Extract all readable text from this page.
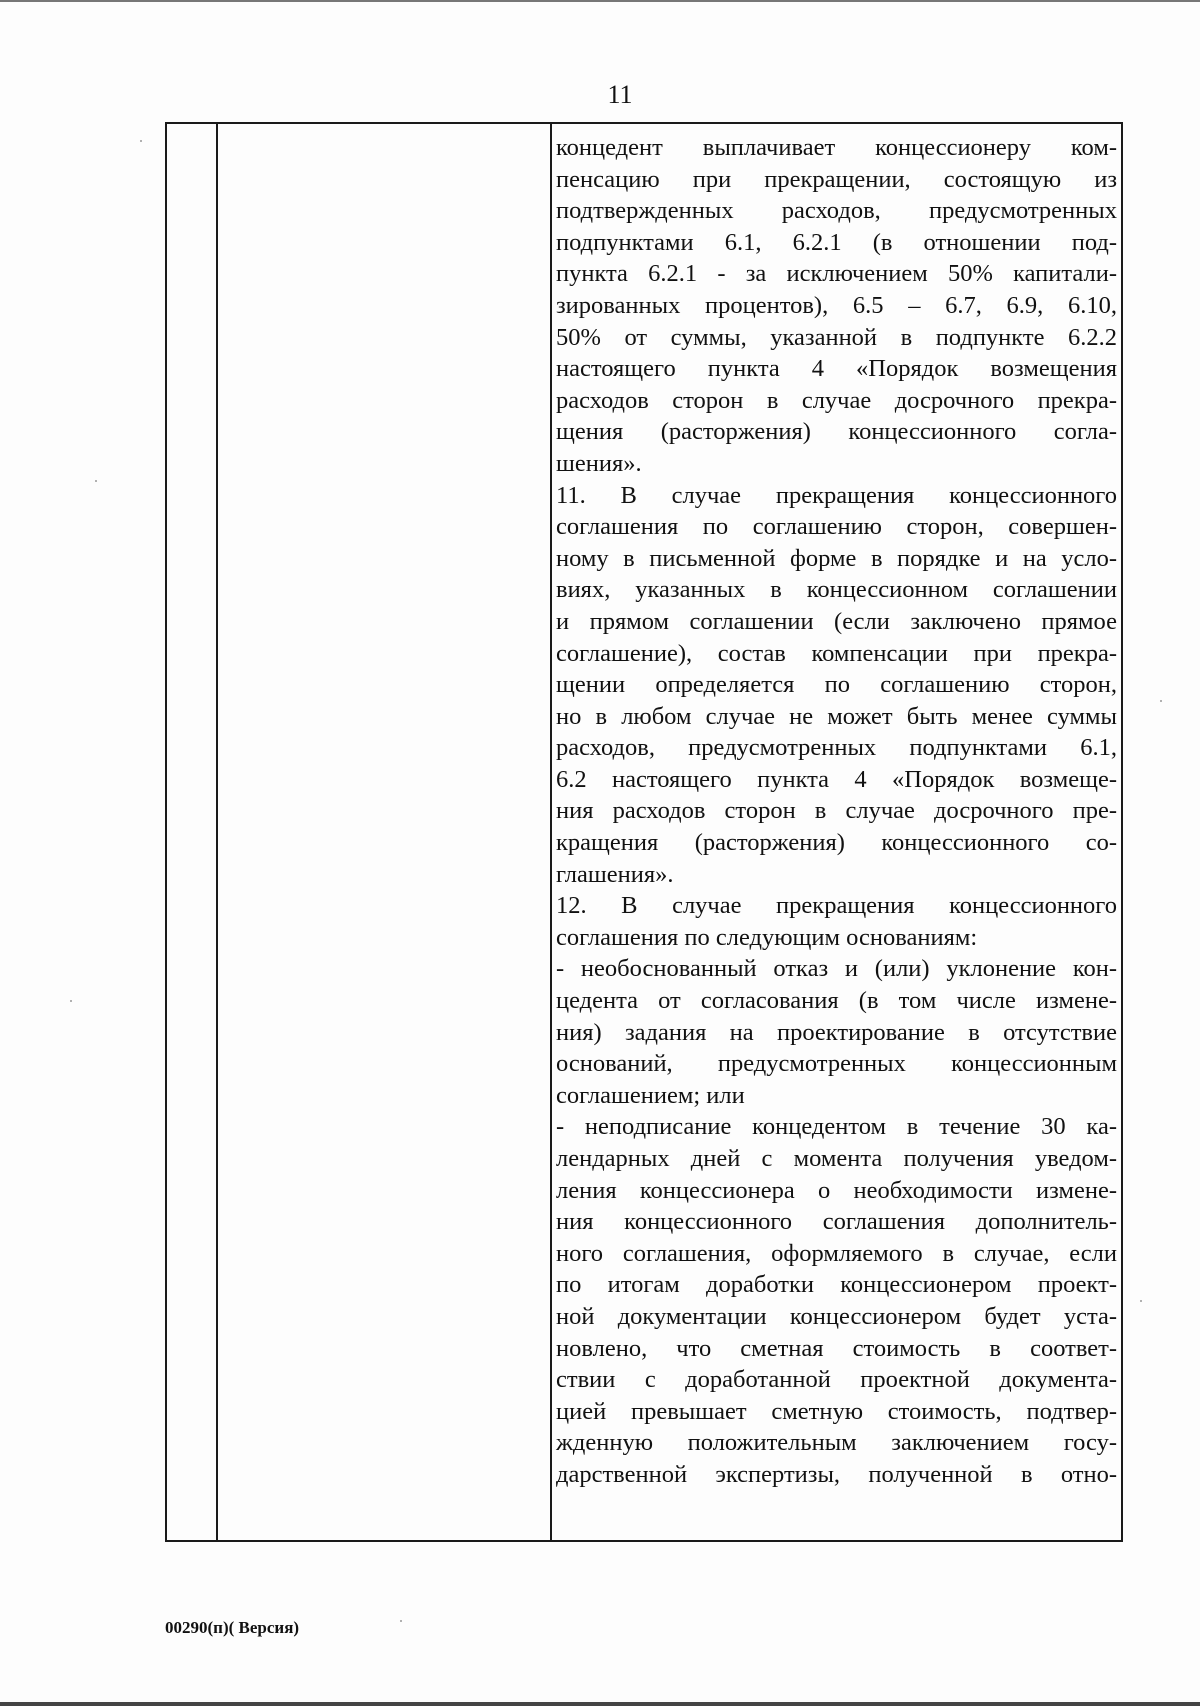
11
концедент выплачивает концессионеру ком-
пенсацию при прекращении, состоящую из
подтвержденных расходов, предусмотренных
подпунктами 6.1, 6.2.1 (в отношении под-
пункта 6.2.1 - за исключением 50% капитали-
зированных процентов), 6.5 – 6.7, 6.9, 6.10,
50% от суммы, указанной в подпункте 6.2.2
настоящего пункта 4 «Порядок возмещения
расходов сторон в случае досрочного прекра-
щения (расторжения) концессионного согла-
шения».
11. В случае прекращения концессионного
соглашения по соглашению сторон, совершен-
ному в письменной форме в порядке и на усло-
виях, указанных в концессионном соглашении
и прямом соглашении (если заключено прямое
соглашение), состав компенсации при прекра-
щении определяется по соглашению сторон,
но в любом случае не может быть менее суммы
расходов, предусмотренных подпунктами 6.1,
6.2 настоящего пункта 4 «Порядок возмеще-
ния расходов сторон в случае досрочного пре-
кращения (расторжения) концессионного со-
глашения».
12. В случае прекращения концессионного
соглашения по следующим основаниям:
- необоснованный отказ и (или) уклонение кон-
цедента от согласования (в том числе измене-
ния) задания на проектирование в отсутствие
оснований, предусмотренных концессионным
соглашением; или
- неподписание концедентом в течение 30 ка-
лендарных дней с момента получения уведом-
ления концессионера о необходимости измене-
ния концессионного соглашения дополнитель-
ного соглашения, оформляемого в случае, если
по итогам доработки концессионером проект-
ной документации концессионером будет уста-
новлено, что сметная стоимость в соответ-
ствии с доработанной проектной документа-
цией превышает сметную стоимость, подтвер-
жденную положительным заключением госу-
дарственной экспертизы, полученной в отно-
00290(п)( Версия)
